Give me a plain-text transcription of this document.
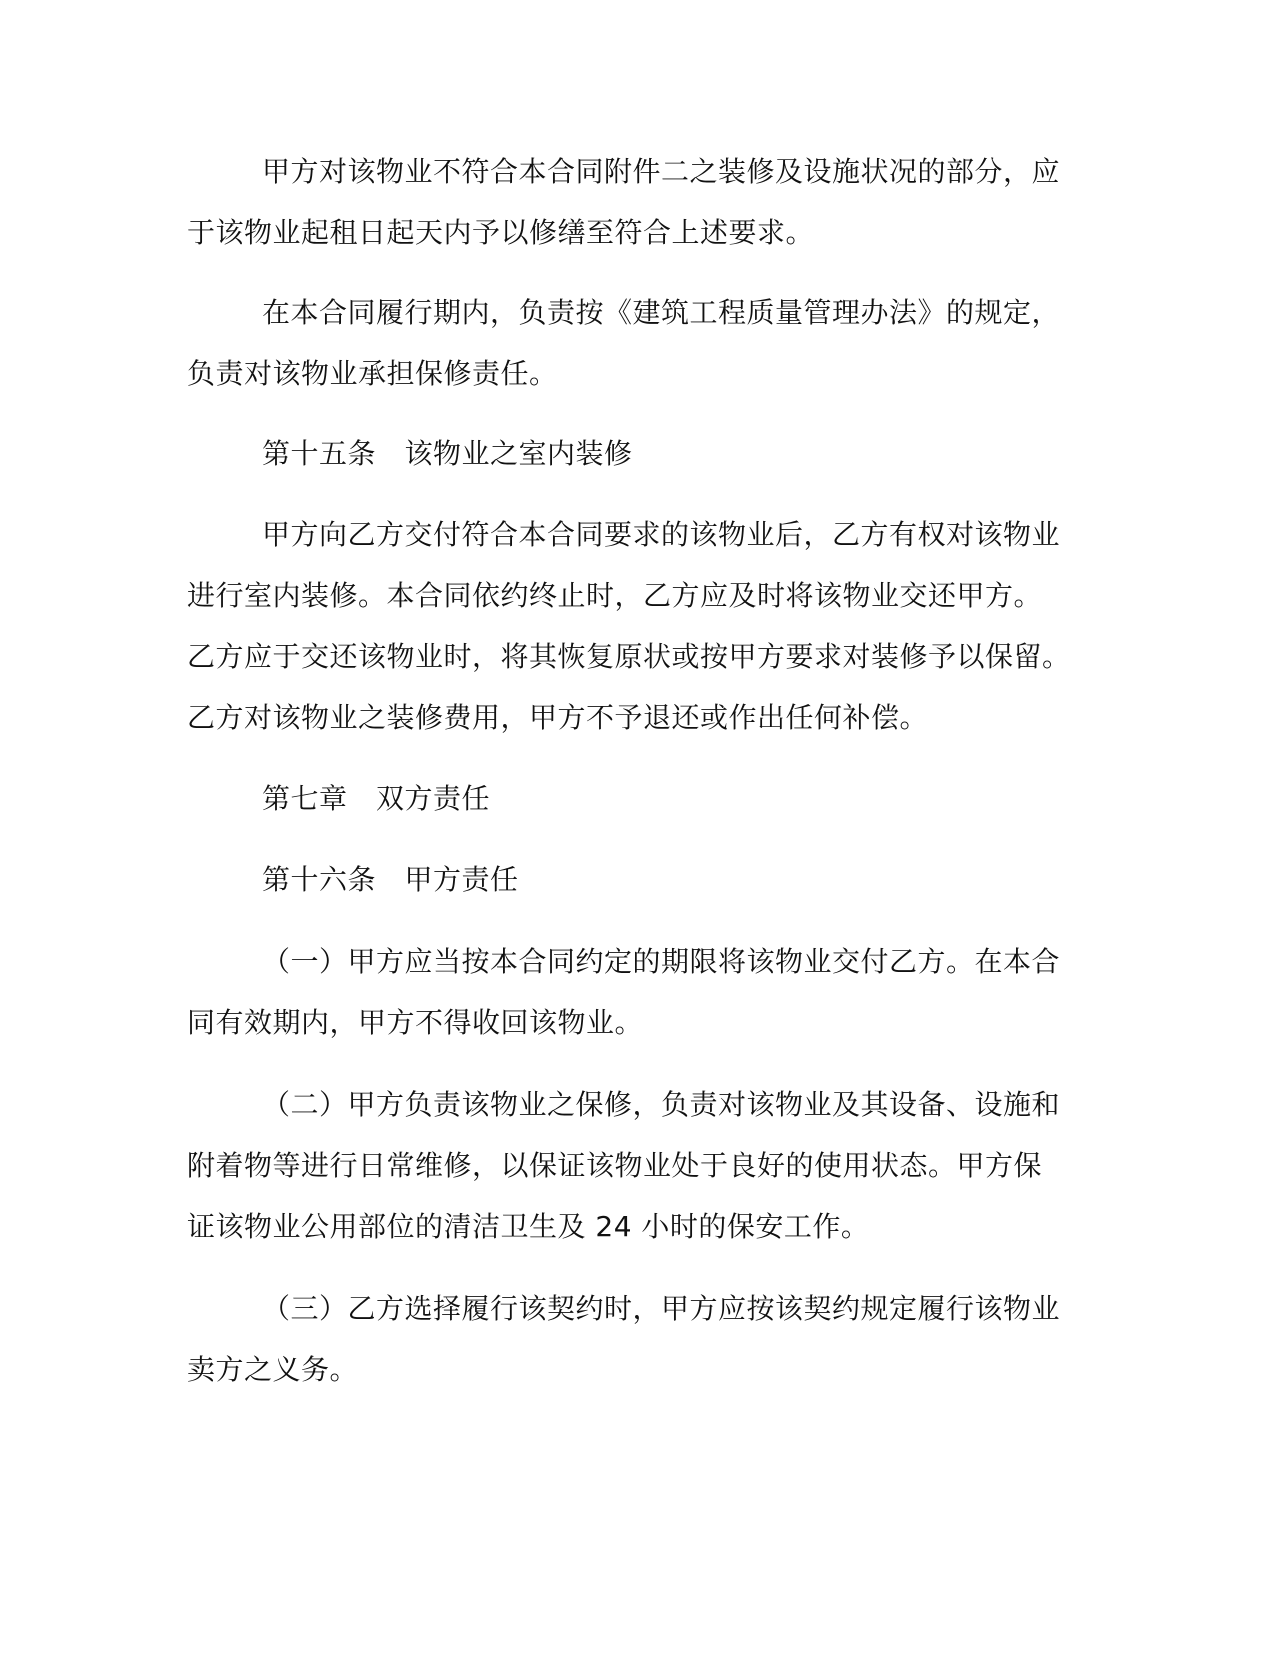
甲方对该物业不符合本合同附件二之装修及设施状况的部分，应
于该物业起租日起天内予以修缮至符合上述要求。
在本合同履行期内，负责按《建筑工程质量管理办法》的规定，
负责对该物业承担保修责任。
第十五条　该物业之室内装修
甲方向乙方交付符合本合同要求的该物业后，乙方有权对该物业
进行室内装修。本合同依约终止时，乙方应及时将该物业交还甲方。
乙方应于交还该物业时，将其恢复原状或按甲方要求对装修予以保留。
乙方对该物业之装修费用，甲方不予退还或作出任何补偿。
第七章　双方责任
第十六条　甲方责任
（一）甲方应当按本合同约定的期限将该物业交付乙方。在本合
同有效期内，甲方不得收回该物业。
（二）甲方负责该物业之保修，负责对该物业及其设备、设施和
附着物等进行日常维修，以保证该物业处于良好的使用状态。甲方保
证该物业公用部位的清洁卫生及 24 小时的保安工作。
（三）乙方选择履行该契约时，甲方应按该契约规定履行该物业
卖方之义务。
